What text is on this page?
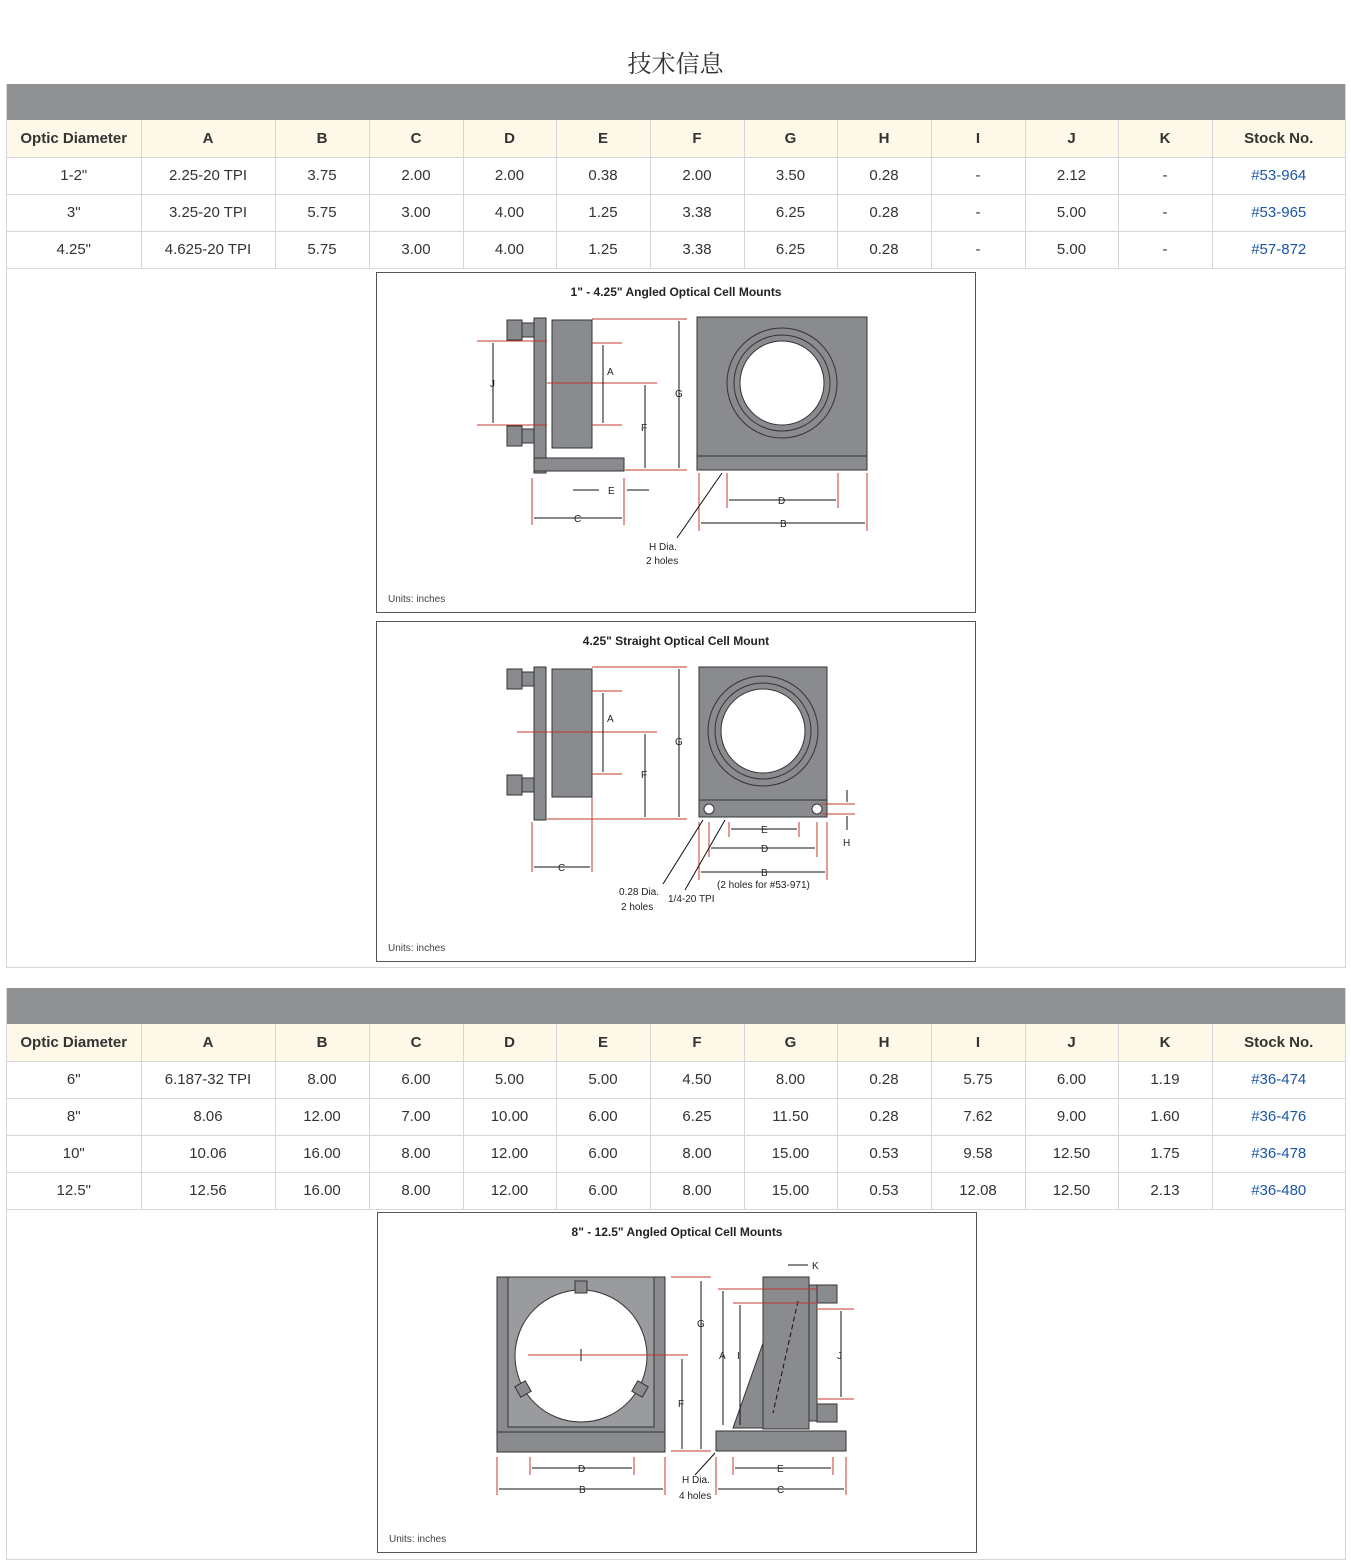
技术信息
Optic Diameter	A	B	C	D	E	F	G	H	I	J	K	Stock No.
1-2"	2.25-20 TPI	3.75	2.00	2.00	0.38	2.00	3.50	0.28	-	2.12	-	#53-964
3"	3.25-20 TPI	5.75	3.00	4.00	1.25	3.38	6.25	0.28	-	5.00	-	#53-965
4.25"	4.625-20 TPI	5.75	3.00	4.00	1.25	3.38	6.25	0.28	-	5.00	-	#57-872
1" - 4.25" Angled Optical Cell Mounts
J
A
F
G
E
C
D
B
H Dia.
2 holes
Units: inches
4.25" Straight Optical Cell Mount
A
F
G
C
E
D
B
H
(2 holes for #53-971)
0.28 Dia.
2 holes
1/4-20 TPI
Units: inches
Optic Diameter	A	B	C	D	E	F	G	H	I	J	K	Stock No.
6"	6.187-32 TPI	8.00	6.00	5.00	5.00	4.50	8.00	0.28	5.75	6.00	1.19	#36-474
8"	8.06	12.00	7.00	10.00	6.00	6.25	11.50	0.28	7.62	9.00	1.60	#36-476
10"	10.06	16.00	8.00	12.00	6.00	8.00	15.00	0.53	9.58	12.50	1.75	#36-478
12.5"	12.56	16.00	8.00	12.00	6.00	8.00	15.00	0.53	12.08	12.50	2.13	#36-480
8" - 12.5" Angled Optical Cell Mounts
G
F
A I	J
K
D
B
E
C
H Dia.
4 holes
Units: inches
